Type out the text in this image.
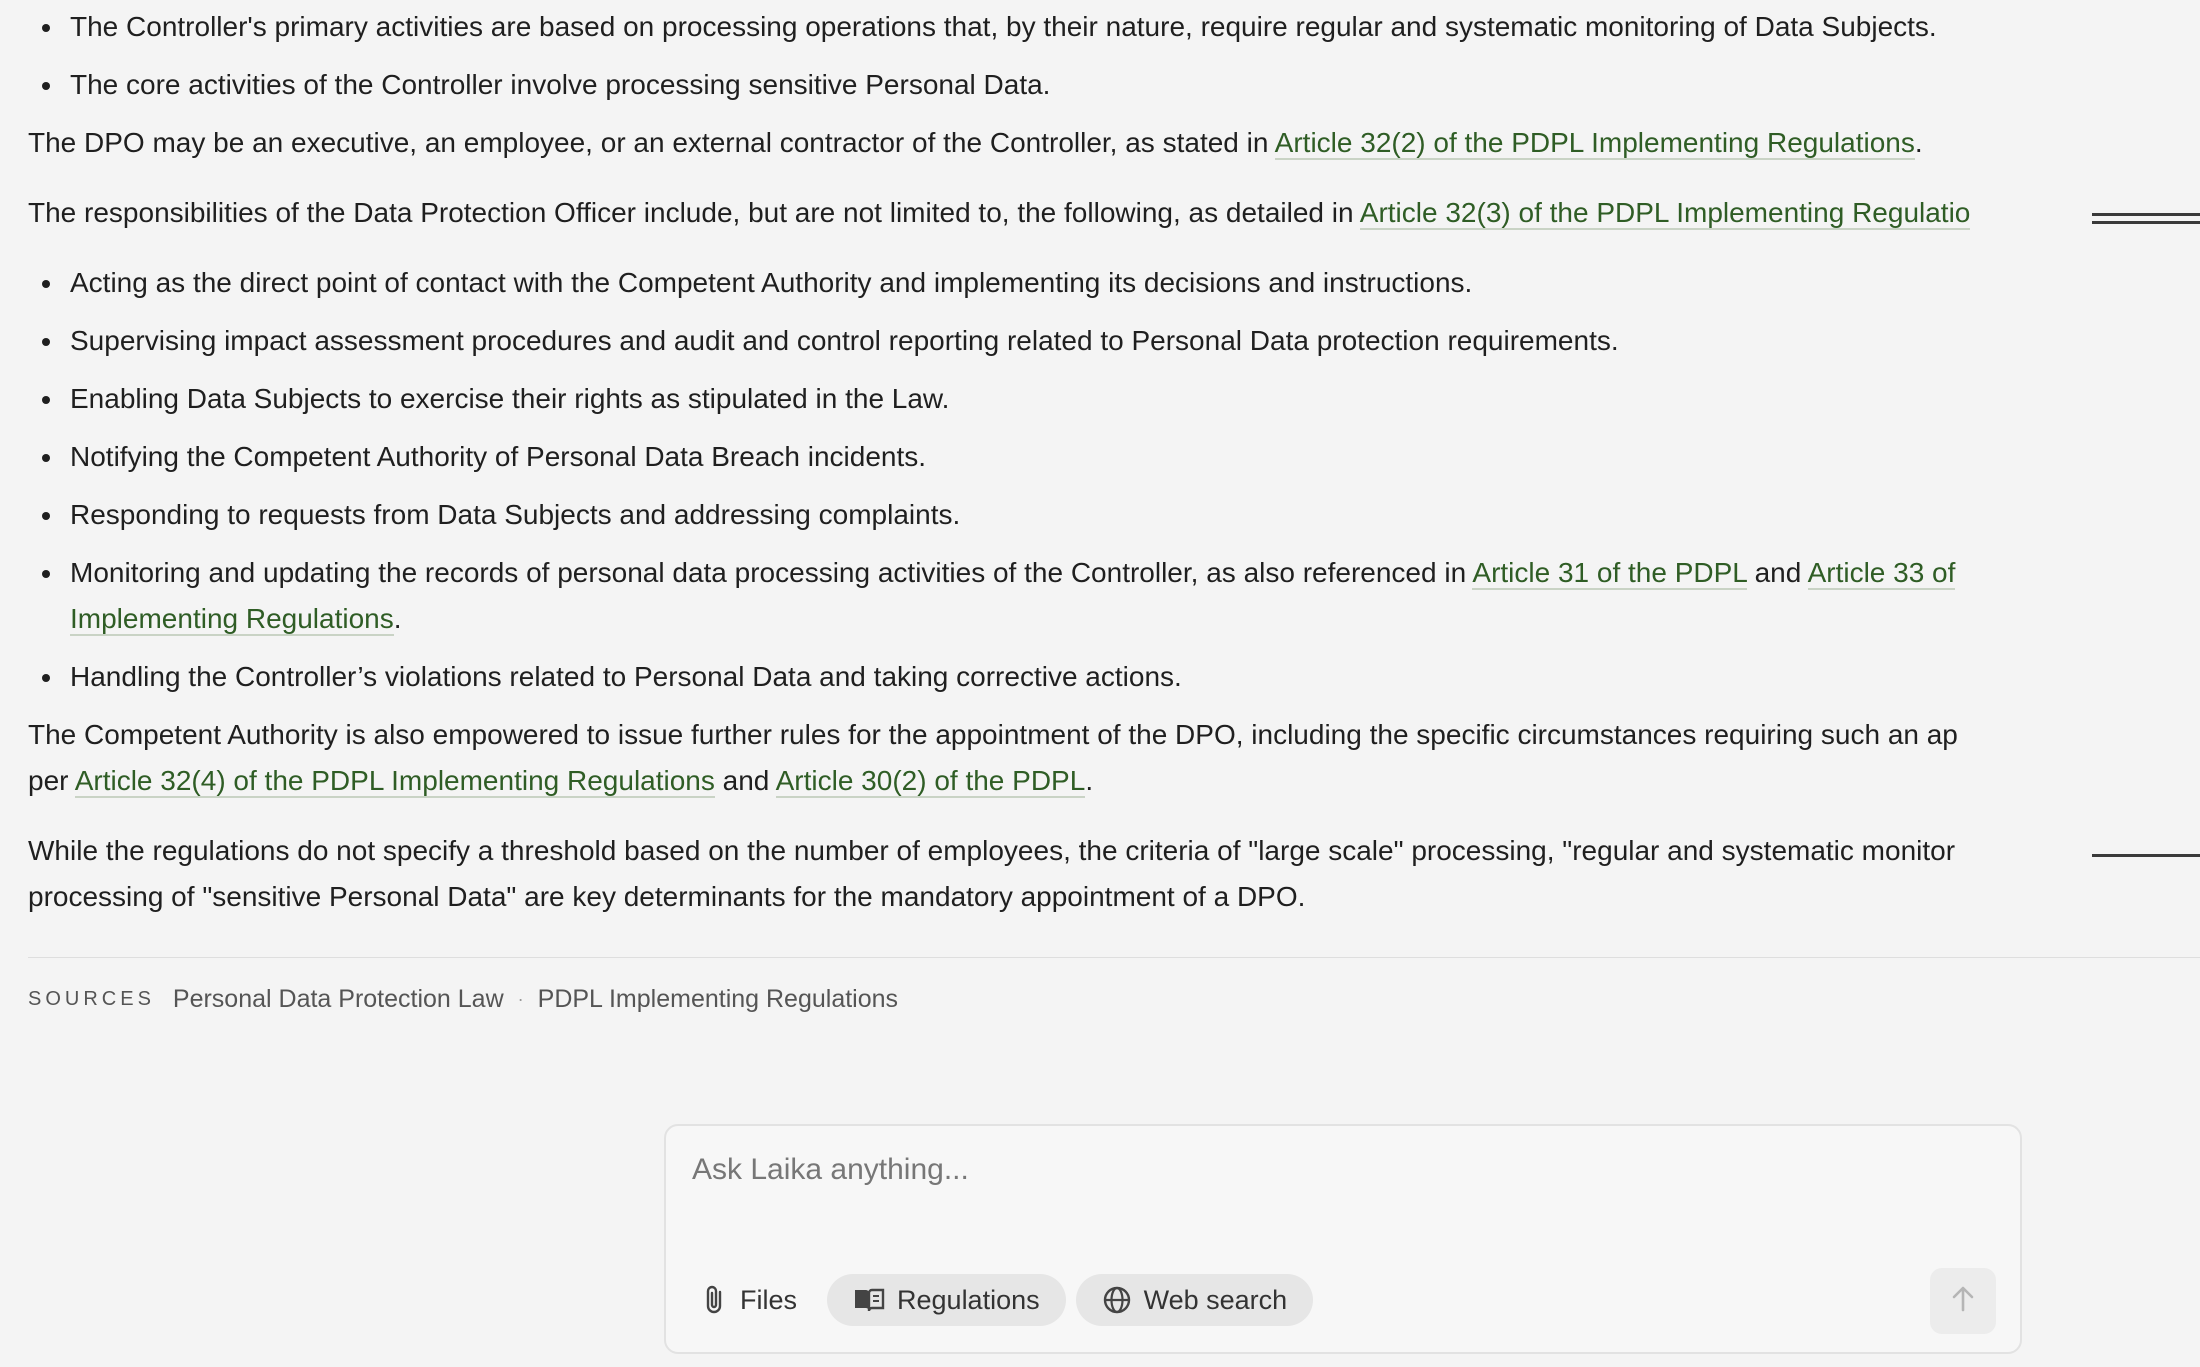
The Controller's primary activities are based on processing operations that, by their nature, require regular and systematic monitoring of Data Subjects.
The core activities of the Controller involve processing sensitive Personal Data.

The DPO may be an executive, an employee, or an external contractor of the Controller, as stated in Article 32(2) of the PDPL Implementing Regulations.

The responsibilities of the Data Protection Officer include, but are not limited to, the following, as detailed in Article 32(3) of the PDPL Implementing Regulatio
Acting as the direct point of contact with the Competent Authority and implementing its decisions and instructions.
Supervising impact assessment procedures and audit and control reporting related to Personal Data protection requirements.
Enabling Data Subjects to exercise their rights as stipulated in the Law.
Notifying the Competent Authority of Personal Data Breach incidents.
Responding to requests from Data Subjects and addressing complaints.
Monitoring and updating the records of personal data processing activities of the Controller, as also referenced in Article 31 of the PDPL and Article 33 of
Implementing Regulations.
Handling the Controller’s violations related to Personal Data and taking corrective actions.
The Competent Authority is also empowered to issue further rules for the appointment of the DPO, including the specific circumstances requiring such an ap
per Article 32(4) of the PDPL Implementing Regulations and Article 30(2) of the PDPL.
While the regulations do not specify a threshold based on the number of employees, the criteria of "large scale" processing, "regular and systematic monitor
processing of "sensitive Personal Data" are key determinants for the mandatory appointment of a DPO.
SOURCES Personal Data Protection Law · PDPL Implementing Regulations
Ask Laika anything...
Files	Regulations	Web search
